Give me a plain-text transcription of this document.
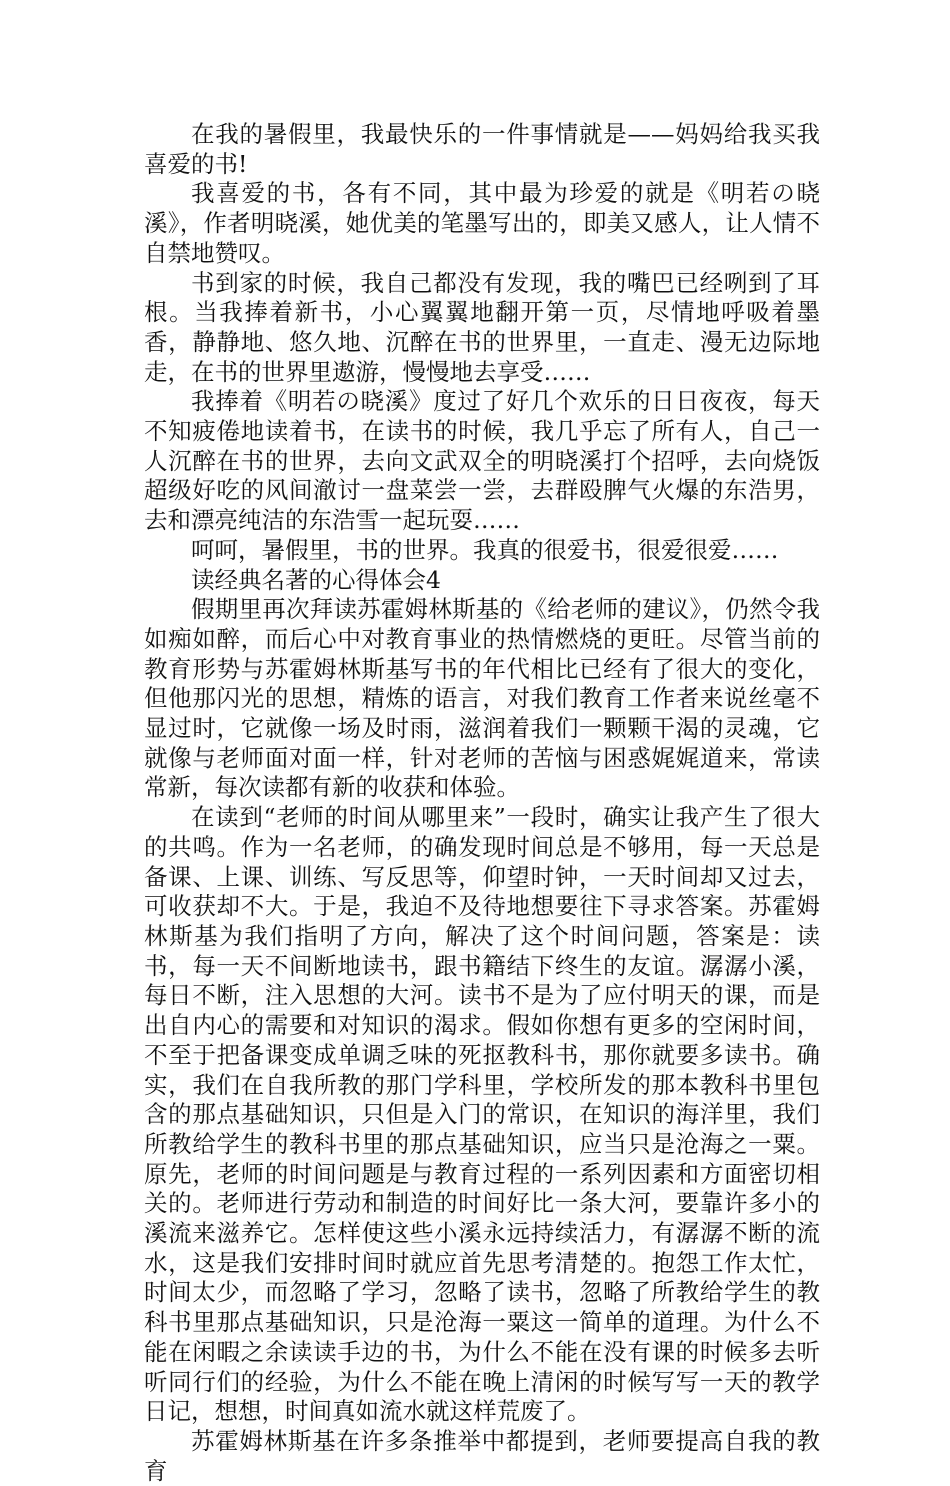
在我的暑假里，我最快乐的一件事情就是——妈妈给我买我喜爱的书!

我喜爱的书，各有不同，其中最为珍爱的就是《明若の晓溪》，作者明晓溪，她优美的笔墨写出的，即美又感人，让人情不自禁地赞叹。

书到家的时候，我自己都没有发现，我的嘴巴已经咧到了耳根。当我捧着新书，小心翼翼地翻开第一页，尽情地呼吸着墨香，静静地、悠久地、沉醉在书的世界里，一直走、漫无边际地走，在书的世界里遨游，慢慢地去享受……

我捧着《明若の晓溪》度过了好几个欢乐的日日夜夜，每天不知疲倦地读着书，在读书的时候，我几乎忘了所有人，自己一人沉醉在书的世界，去向文武双全的明晓溪打个招呼，去向烧饭超级好吃的风间澈讨一盘菜尝一尝，去群殴脾气火爆的东浩男，去和漂亮纯洁的东浩雪一起玩耍……

呵呵，暑假里，书的世界。我真的很爱书，很爱很爱……

读经典名著的心得体会4

假期里再次拜读苏霍姆林斯基的《给老师的建议》，仍然令我如痴如醉，而后心中对教育事业的热情燃烧的更旺。尽管当前的教育形势与苏霍姆林斯基写书的年代相比已经有了很大的变化，但他那闪光的思想，精炼的语言，对我们教育工作者来说丝毫不显过时，它就像一场及时雨，滋润着我们一颗颗干渴的灵魂，它就像与老师面对面一样，针对老师的苦恼与困惑娓娓道来，常读常新，每次读都有新的收获和体验。

在读到“老师的时间从哪里来”一段时，确实让我产生了很大的共鸣。作为一名老师，的确发现时间总是不够用，每一天总是备课、上课、训练、写反思等，仰望时钟，一天时间却又过去，可收获却不大。于是，我迫不及待地想要往下寻求答案。苏霍姆林斯基为我们指明了方向，解决了这个时间问题，答案是：读书，每一天不间断地读书，跟书籍结下终生的友谊。潺潺小溪，每日不断，注入思想的大河。读书不是为了应付明天的课，而是出自内心的需要和对知识的渴求。假如你想有更多的空闲时间，不至于把备课变成单调乏味的死抠教科书，那你就要多读书。确实，我们在自我所教的那门学科里，学校所发的那本教科书里包含的那点基础知识，只但是入门的常识，在知识的海洋里，我们所教给学生的教科书里的那点基础知识，应当只是沧海之一粟。原先，老师的时间问题是与教育过程的一系列因素和方面密切相关的。老师进行劳动和制造的时间好比一条大河，要靠许多小的溪流来滋养它。怎样使这些小溪永远持续活力，有潺潺不断的流水，这是我们安排时间时就应首先思考清楚的。抱怨工作太忙，时间太少，而忽略了学习，忽略了读书，忽略了所教给学生的教科书里那点基础知识，只是沧海一粟这一简单的道理。为什么不能在闲暇之余读读手边的书，为什么不能在没有课的时候多去听听同行们的经验，为什么不能在晚上清闲的时候写写一天的教学日记，想想，时间真如流水就这样荒废了。

苏霍姆林斯基在许多条推举中都提到，老师要提高自我的教育
